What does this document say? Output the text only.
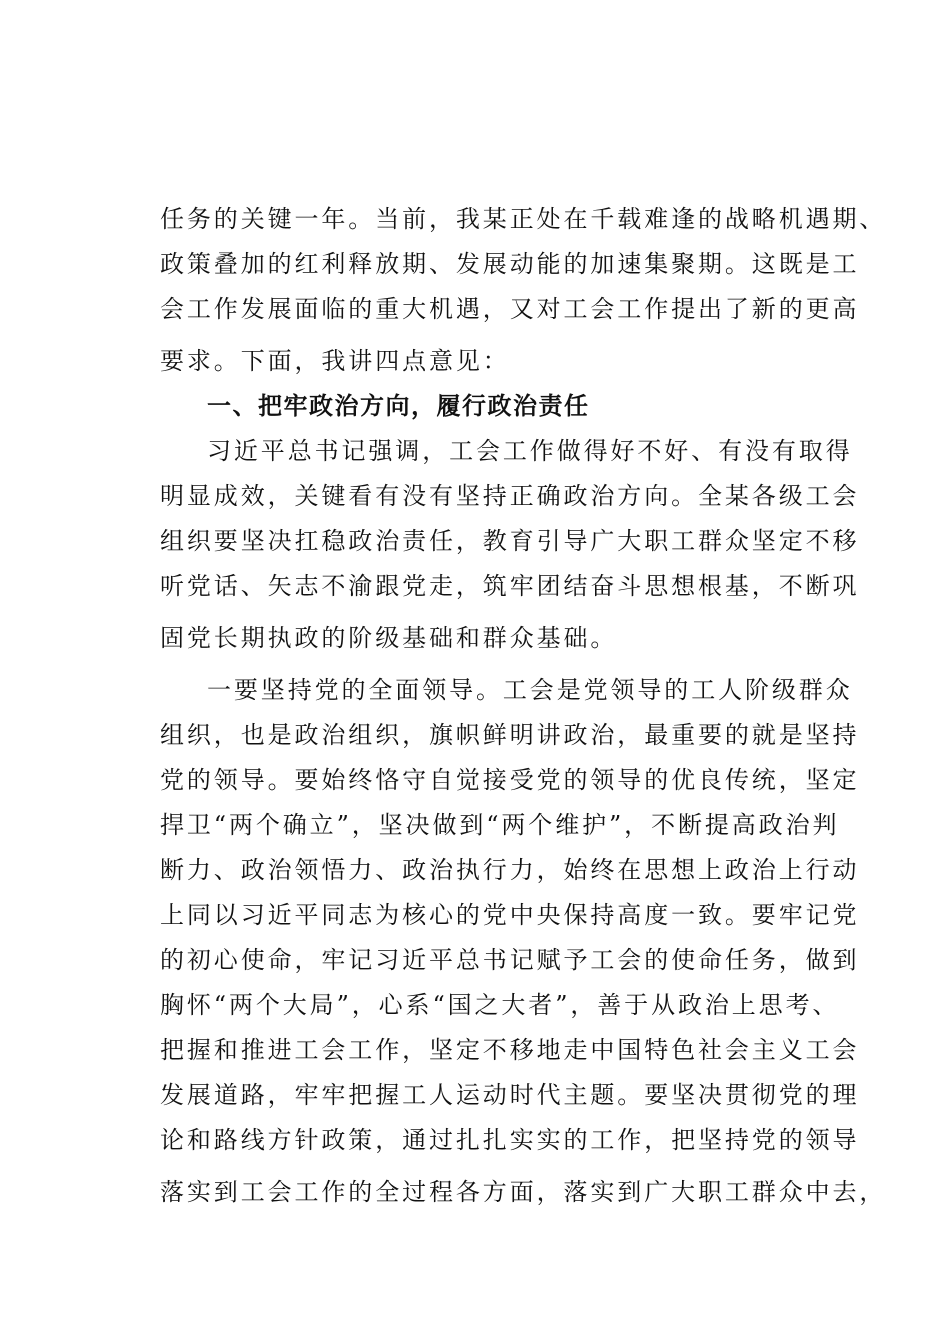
任务的关键一年。当前，我某正处在千载难逢的战略机遇期、
政策叠加的红利释放期、发展动能的加速集聚期。这既是工
会工作发展面临的重大机遇，又对工会工作提出了新的更高
要求。下面，我讲四点意见：
一、把牢政治方向，履行政治责任
习近平总书记强调，工会工作做得好不好、有没有取得
明显成效，关键看有没有坚持正确政治方向。全某各级工会
组织要坚决扛稳政治责任，教育引导广大职工群众坚定不移
听党话、矢志不渝跟党走，筑牢团结奋斗思想根基，不断巩
固党长期执政的阶级基础和群众基础。
一要坚持党的全面领导。工会是党领导的工人阶级群众
组织，也是政治组织，旗帜鲜明讲政治，最重要的就是坚持
党的领导。要始终恪守自觉接受党的领导的优良传统，坚定
捍卫“两个确立”，坚决做到“两个维护”，不断提高政治判
断力、政治领悟力、政治执行力，始终在思想上政治上行动
上同以习近平同志为核心的党中央保持高度一致。要牢记党
的初心使命，牢记习近平总书记赋予工会的使命任务，做到
胸怀“两个大局”，心系“国之大者”，善于从政治上思考、
把握和推进工会工作，坚定不移地走中国特色社会主义工会
发展道路，牢牢把握工人运动时代主题。要坚决贯彻党的理
论和路线方针政策，通过扎扎实实的工作，把坚持党的领导
落实到工会工作的全过程各方面，落实到广大职工群众中去，
